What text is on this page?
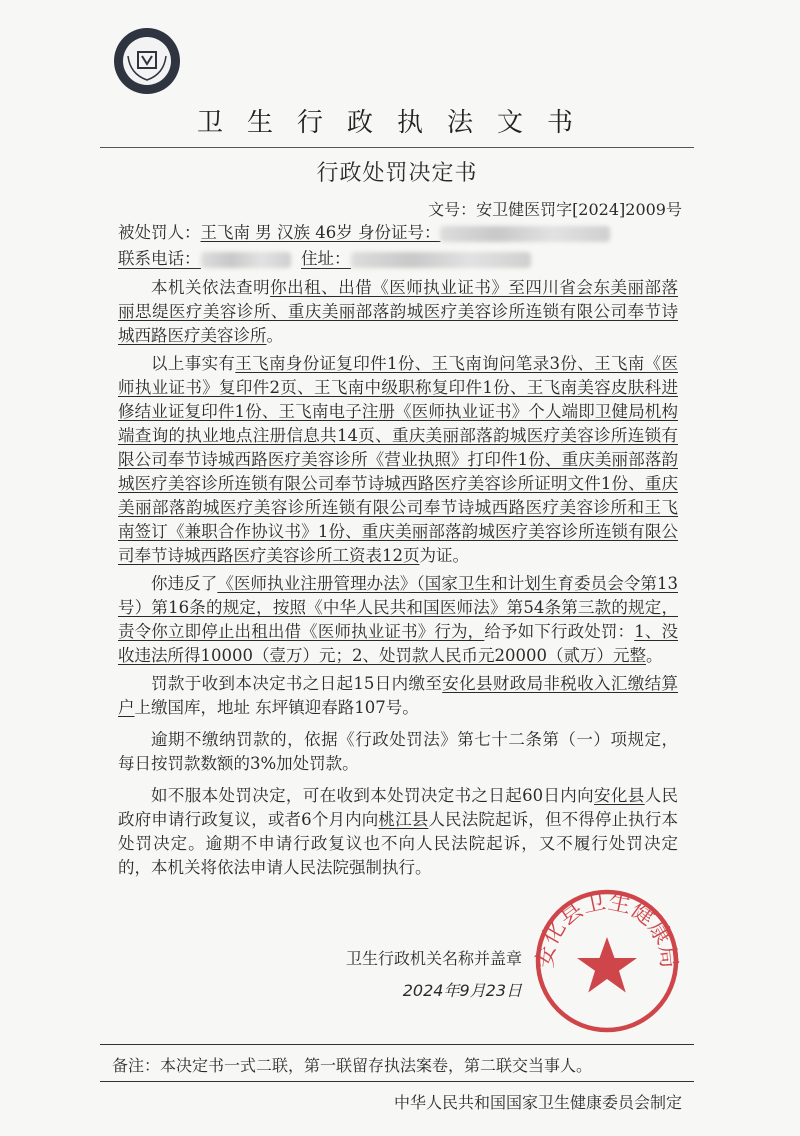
卫生行政执法文书
行政处罚决定书
文号：安卫健医罚字[2024]2009号
被处罚人：王飞南 男 汉族 46岁 身份证号：
联系电话：	住址：
本机关依法查明你出租、出借《医师执业证书》至四川省会东美丽部落丽思缇医疗美容诊所、重庆美丽部落韵城医疗美容诊所连锁有限公司奉节诗城西路医疗美容诊所。
以上事实有王飞南身份证复印件1份、王飞南询问笔录3份、王飞南《医师执业证书》复印件2页、王飞南中级职称复印件1份、王飞南美容皮肤科进修结业证复印件1份、王飞南电子注册《医师执业证书》个人端即卫健局机构端查询的执业地点注册信息共14页、重庆美丽部落韵城医疗美容诊所连锁有限公司奉节诗城西路医疗美容诊所《营业执照》打印件1份、重庆美丽部落韵城医疗美容诊所连锁有限公司奉节诗城西路医疗美容诊所证明文件1份、重庆美丽部落韵城医疗美容诊所连锁有限公司奉节诗城西路医疗美容诊所和王飞南签订《兼职合作协议书》1份、重庆美丽部落韵城医疗美容诊所连锁有限公司奉节诗城西路医疗美容诊所工资表12页为证。
你违反了《医师执业注册管理办法》（国家卫生和计划生育委员会令第13号）第16条的规定，按照《中华人民共和国医师法》第54条第三款的规定，责令你立即停止出租出借《医师执业证书》行为，给予如下行政处罚：1、没收违法所得10000（壹万）元；2、处罚款人民币元20000（贰万）元整。
罚款于收到本决定书之日起15日内缴至安化县财政局非税收入汇缴结算户上缴国库，地址 东坪镇迎春路107号。
逾期不缴纳罚款的，依据《行政处罚法》第七十二条第（一）项规定，每日按罚款数额的3%加处罚款。
如不服本处罚决定，可在收到本处罚决定书之日起60日内向安化县人民政府申请行政复议，或者6个月内向桃江县人民法院起诉，但不得停止执行本处罚决定。逾期不申请行政复议也不向人民法院起诉，又不履行处罚决定的，本机关将依法申请人民法院强制执行。
卫生行政机关名称并盖章
2024年9月23日
安化县卫生健康局
备注：本决定书一式二联，第一联留存执法案卷，第二联交当事人。
中华人民共和国国家卫生健康委员会制定
